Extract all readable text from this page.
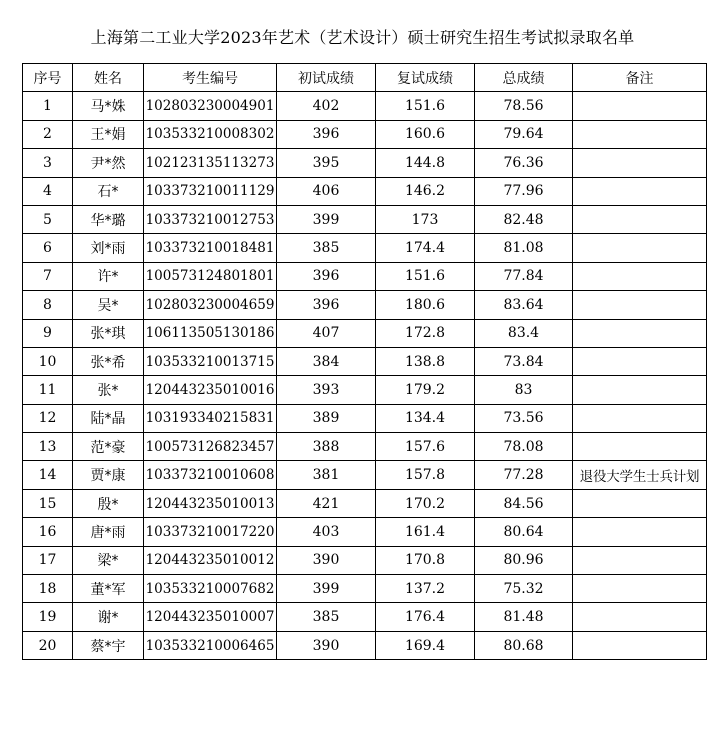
上海第二工业大学2023年艺术（艺术设计）硕士研究生招生考试拟录取名单
序号	姓名	考生编号	初试成绩	复试成绩	总成绩	备注
1	马*姝	102803230004901	402	151.6	78.56	
2	王*娟	103533210008302	396	160.6	79.64	
3	尹*然	102123135113273	395	144.8	76.36	
4	石*	103373210011129	406	146.2	77.96	
5	华*璐	103373210012753	399	173	82.48	
6	刘*雨	103373210018481	385	174.4	81.08	
7	许*	100573124801801	396	151.6	77.84	
8	吴*	102803230004659	396	180.6	83.64	
9	张*琪	106113505130186	407	172.8	83.4	
10	张*希	103533210013715	384	138.8	73.84	
11	张*	120443235010016	393	179.2	83	
12	陆*晶	103193340215831	389	134.4	73.56	
13	范*豪	100573126823457	388	157.6	78.08	
14	贾*康	103373210010608	381	157.8	77.28	退役大学生士兵计划
15	殷*	120443235010013	421	170.2	84.56	
16	唐*雨	103373210017220	403	161.4	80.64	
17	梁*	120443235010012	390	170.8	80.96	
18	董*军	103533210007682	399	137.2	75.32	
19	谢*	120443235010007	385	176.4	81.48	
20	蔡*宇	103533210006465	390	169.4	80.68	
